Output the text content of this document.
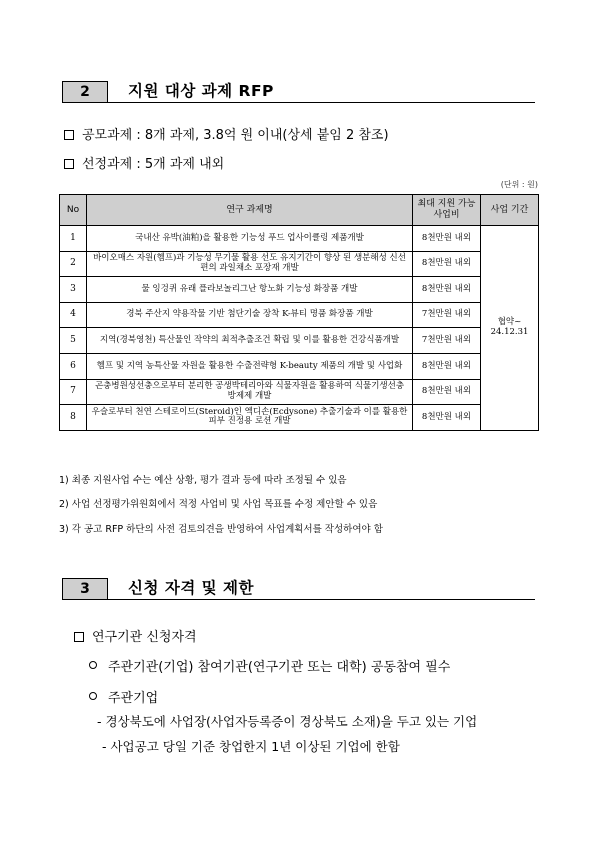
2	지원 대상 과제 RFP
공모과제 : 8개 과제, 3.8억 원 이내(상세 붙임 2 참조)
선정과제 : 5개 과제 내외
(단위 : 원)
No	연구 과제명	최대 지원 가능 사업비	사업 기간
1	국내산 유박(油粕)을 활용한 기능성 푸드 업사이클링 제품개발	8천만원 내외	협약~ 24.12.31
2	바이오매스 자원(헴프)과 기능성 무기물 활용 선도 유지기간이 향상 된 생분해성 신선편의 과일채소 포장재 개발	8천만원 내외	
3	물 잉겅퀴 유래 플라보놀리그난 항노화 기능성 화장품 개발	8천만원 내외	
4	경북 주산지 약용작물 기반 첨단기술 장착 K-뷰티 명품 화장품 개발	7천만원 내외	
5	지역(경북영천) 특산물인 작약의 최적추출조건 확립 및 이를 활용한 건강식품개발	7천만원 내외	
6	헴프 및 지역 농특산물 자원을 활용한 수출전략형 K-beauty 제품의 개발 및 사업화	8천만원 내외	
7	곤충병원성선충으로부터 분리한 공생박테리아와 식물자원을 활용하여 식물기생선충 방제제 개발	8천만원 내외	
8	우슬로부터 천연 스테로이드(Steroid)인 엑디손(Ecdysone) 추출기술과 이를 활용한 피부 진정용 로션 개발	8천만원 내외	
1) 최종 지원사업 수는 예산 상황, 평가 결과 등에 따라 조정될 수 있음
2) 사업 선정평가위원회에서 적정 사업비 및 사업 목표를 수정 제안할 수 있음
3) 각 공고 RFP 하단의 사전 검토의견을 반영하여 사업계획서를 작성하여야 함
3	신청 자격 및 제한
연구기관 신청자격
주관기관(기업) 참여기관(연구기관 또는 대학) 공동참여 필수
주관기업
- 경상북도에 사업장(사업자등록증이 경상북도 소재)을 두고 있는 기업
- 사업공고 당일 기준 창업한지 1년 이상된 기업에 한함
